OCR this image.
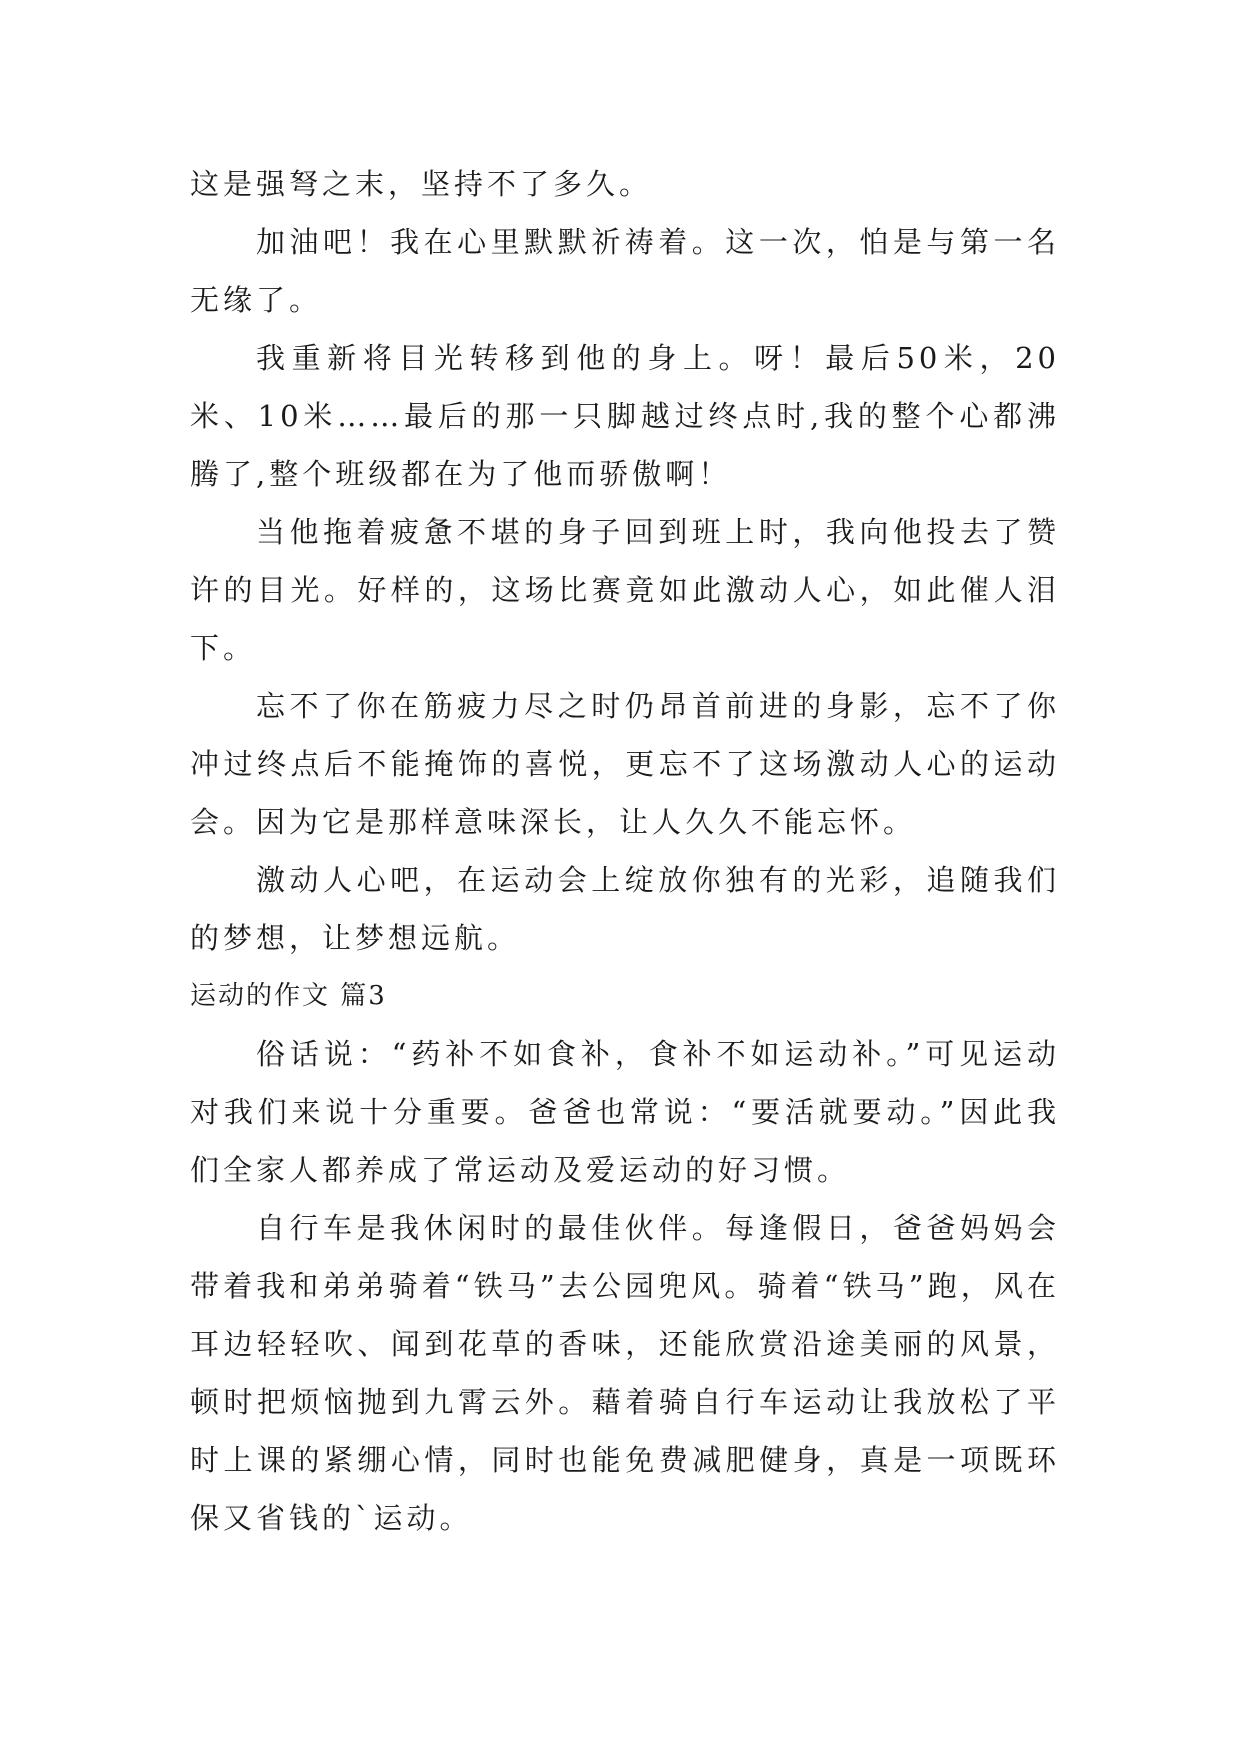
这是强弩之末，坚持不了多久。

加油吧！我在心里默默祈祷着。这一次，怕是与第一名无缘了。

我重新将目光转移到他的身上。呀！最后50米，20米、10米……最后的那一只脚越过终点时,我的整个心都沸腾了,整个班级都在为了他而骄傲啊！

当他拖着疲惫不堪的身子回到班上时，我向他投去了赞许的目光。好样的，这场比赛竟如此激动人心，如此催人泪下。

忘不了你在筋疲力尽之时仍昂首前进的身影，忘不了你冲过终点后不能掩饰的喜悦，更忘不了这场激动人心的运动会。因为它是那样意味深长，让人久久不能忘怀。

激动人心吧，在运动会上绽放你独有的光彩，追随我们的梦想，让梦想远航。

运动的作文 篇3

俗话说：“药补不如食补，食补不如运动补。”可见运动对我们来说十分重要。爸爸也常说：“要活就要动。”因此我们全家人都养成了常运动及爱运动的好习惯。

自行车是我休闲时的最佳伙伴。每逢假日，爸爸妈妈会带着我和弟弟骑着“铁马”去公园兜风。骑着“铁马”跑，风在耳边轻轻吹、闻到花草的香味，还能欣赏沿途美丽的风景，顿时把烦恼抛到九霄云外。藉着骑自行车运动让我放松了平时上课的紧绷心情，同时也能免费减肥健身，真是一项既环保又省钱的`运动。
